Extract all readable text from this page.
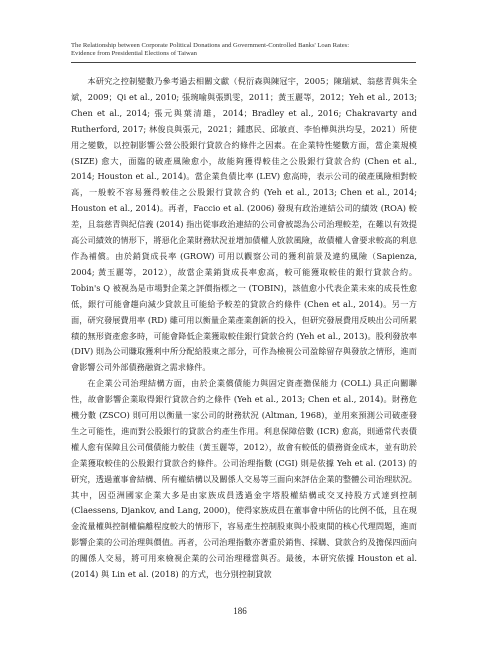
The Relationship between Corporate Political Donations and Government-Controlled Banks' Loan Rates:
Evidence from Presidential Elections of Taiwan

本研究之控制變數乃參考過去相關文獻（倪衍森與陳冠宇，2005；陳瑞斌、翁慈青與朱全斌，2009；Qi et al., 2010; 張琬喻與張凱雯，2011；黃玉麗等，2012；Yeh et al., 2013; Chen et al., 2014; 張元與葉清雄，2014；Bradley et al., 2016; Chakravarty and Rutherford, 2017; 林俊良與張元，2021；鍾惠民、邱敏貞、李怡樺與洪均旻，2021）所使用之變數，以控制影響公營公股銀行貸款合約條件之因素。在企業特性變數方面，當企業規模 (SIZE) 愈大，面臨的破產風險愈小，故能夠獲得較佳之公股銀行貸款合約 (Chen et al., 2014; Houston et al., 2014)。當企業負債比率 (LEV) 愈高時，表示公司的破產風險相對較高，一般較不容易獲得較佳之公股銀行貸款合約 (Yeh et al., 2013; Chen et al., 2014; Houston et al., 2014)。再者，Faccio et al. (2006) 發現有政治連結公司的績效 (ROA) 較差，且翁慈青與紀信義 (2014) 指出從事政治連結的公司會被認為公司治理較差，在難以有效提高公司績效的情形下，將惡化企業財務狀況並增加債權人放款風險，故債權人會要求較高的利息作為補償。由於銷貨成長率 (GROW) 可用以觀察公司的獲利前景及違約風險（Sapienza, 2004; 黃玉麗等，2012），故當企業銷貨成長率愈高，較可能獲取較佳的銀行貸款合約。Tobin's Q 被視為是市場對企業之評價指標之一 (TOBIN)，該值愈小代表企業未來的成長性愈低，銀行可能會趨向減少貸款且可能給予較差的貸款合約條件 (Chen et al., 2014)。另一方面，研究發展費用率 (RD) 雖可用以衡量企業產業創新的投入，但研究發展費用反映出公司所累積的無形資產愈多時，可能會降低企業獲取較佳銀行貸款合約 (Yeh et al., 2013)。股利發放率 (DIV) 則為公司賺取獲利中所分配給股東之部分，可作為檢視公司盈餘留存與發放之情形，進而會影響公司外部債務融資之需求條件。

在企業公司治理結構方面，由於企業償債能力與固定資產擔保能力 (COLL) 具正向關聯性，故會影響企業取得銀行貸款合約之條件 (Yeh et al., 2013; Chen et al., 2014)。財務危機分數 (ZSCO) 則可用以衡量一家公司的財務狀況 (Altman, 1968)，並用來預測公司破產發生之可能性，進而對公股銀行的貸款合約產生作用。利息保障倍數 (ICR) 愈高，則通常代表債權人愈有保障且公司償債能力較佳（黃玉麗等，2012），故會有較低的債務資金成本，並有助於企業獲取較佳的公股銀行貸款合約條件。公司治理指數 (CGI) 則是依據 Yeh et al. (2013) 的研究，透過董事會結構、所有權結構以及關係人交易等三面向來評估企業的整體公司治理狀況。其中，因亞洲國家企業大多是由家族成員透過金字塔股權結構或交叉持股方式達到控制 (Claessens, Djankov, and Lang, 2000)，使得家族成員在董事會中所佔的比例不低，且在現金流量權與控制權偏離程度較大的情形下，容易產生控制股東與小股東間的核心代理問題，進而影響企業的公司治理與價值。再者，公司治理指數亦著重於銷售、採購、貸款合約及擔保四面向的關係人交易，將可用來檢視企業的公司治理穩當與否。最後，本研究依據 Houston et al. (2014) 與 Lin et al. (2018) 的方式，也分別控制貸款

186
